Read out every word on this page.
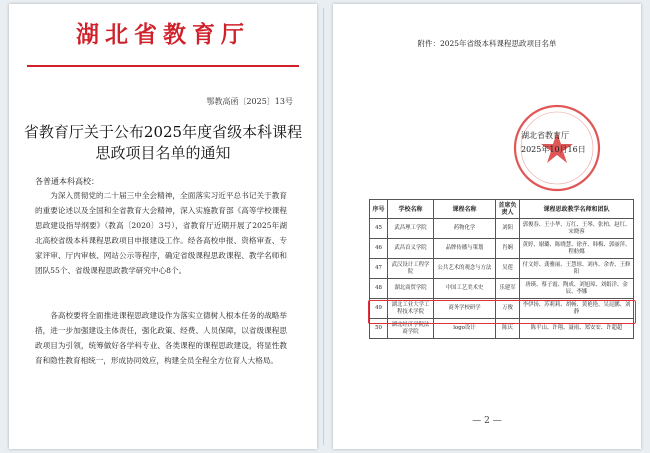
湖北省教育厅
鄂教高函〔2025〕13号
省教育厅关于公布2025年度省级本科课程
思政项目名单的通知
各普通本科高校：
为深入贯彻党的二十届三中全会精神，全面落实习近平总书记关于教育的重要论述以及全国和全省教育大会精神，深入实施教育部《高等学校课程思政建设指导纲要》（教高〔2020〕3号），省教育厅近期开展了2025年湖北高校省级本科课程思政项目申报建设工作。经各高校申报、资格审查、专家评审、厅内审核、网站公示等程序，确定省级课程思政课程、教学名师和团队55个、省级课程思政教学研究中心8个。
各高校要将全面推进课程思政建设作为落实立德树人根本任务的战略举措，进一步加强建设主体责任，强化政策、经费、人员保障，以省级课程思政项目为引领，统筹做好各学科专业、各类课程的课程思政建设，将显性教育和隐性教育相统一，形成协同效应，构建全员全程全方位育人大格局。
附件：2025年省级本科课程思政项目名单
湖北省教育厅
2025年10月16日
序号	学校名称	课程名称	首席负责人	课程思政教学名师和团队
45	武昌理工学院	药物化学	刘阳	郭俊春、王小华、万红、王琴、张柏、赵红、宋晓蓉
46	武昌首义学院	品牌传播与策划	肖娴	黄婷、谢璐、陈晓慧、徐齐、韩梅、郭丽萍、程舫娜
47	武汉设计工程学院	公共艺术的观念与方法	吴莲	付文婷、龚雅丽、王慧琼、刘冉、余杏、王修阳
48	湖北商贸学院	中国工艺美术史	乐建军	唐瑛、蔡子霞、陶成、刘旭璋、刘娟洋、金辰、李娜
49	湖北工业大学工程技术学院	商务学校研学	万俊	李伊扬、苏莉莉、胡畅、黄艳艳、吴昆鹏、刘静
50	湖北经济学院法商学院	logo设计	陈庆	陈平山、许翔、聂雨、郑安安、许超超
— 2 —
